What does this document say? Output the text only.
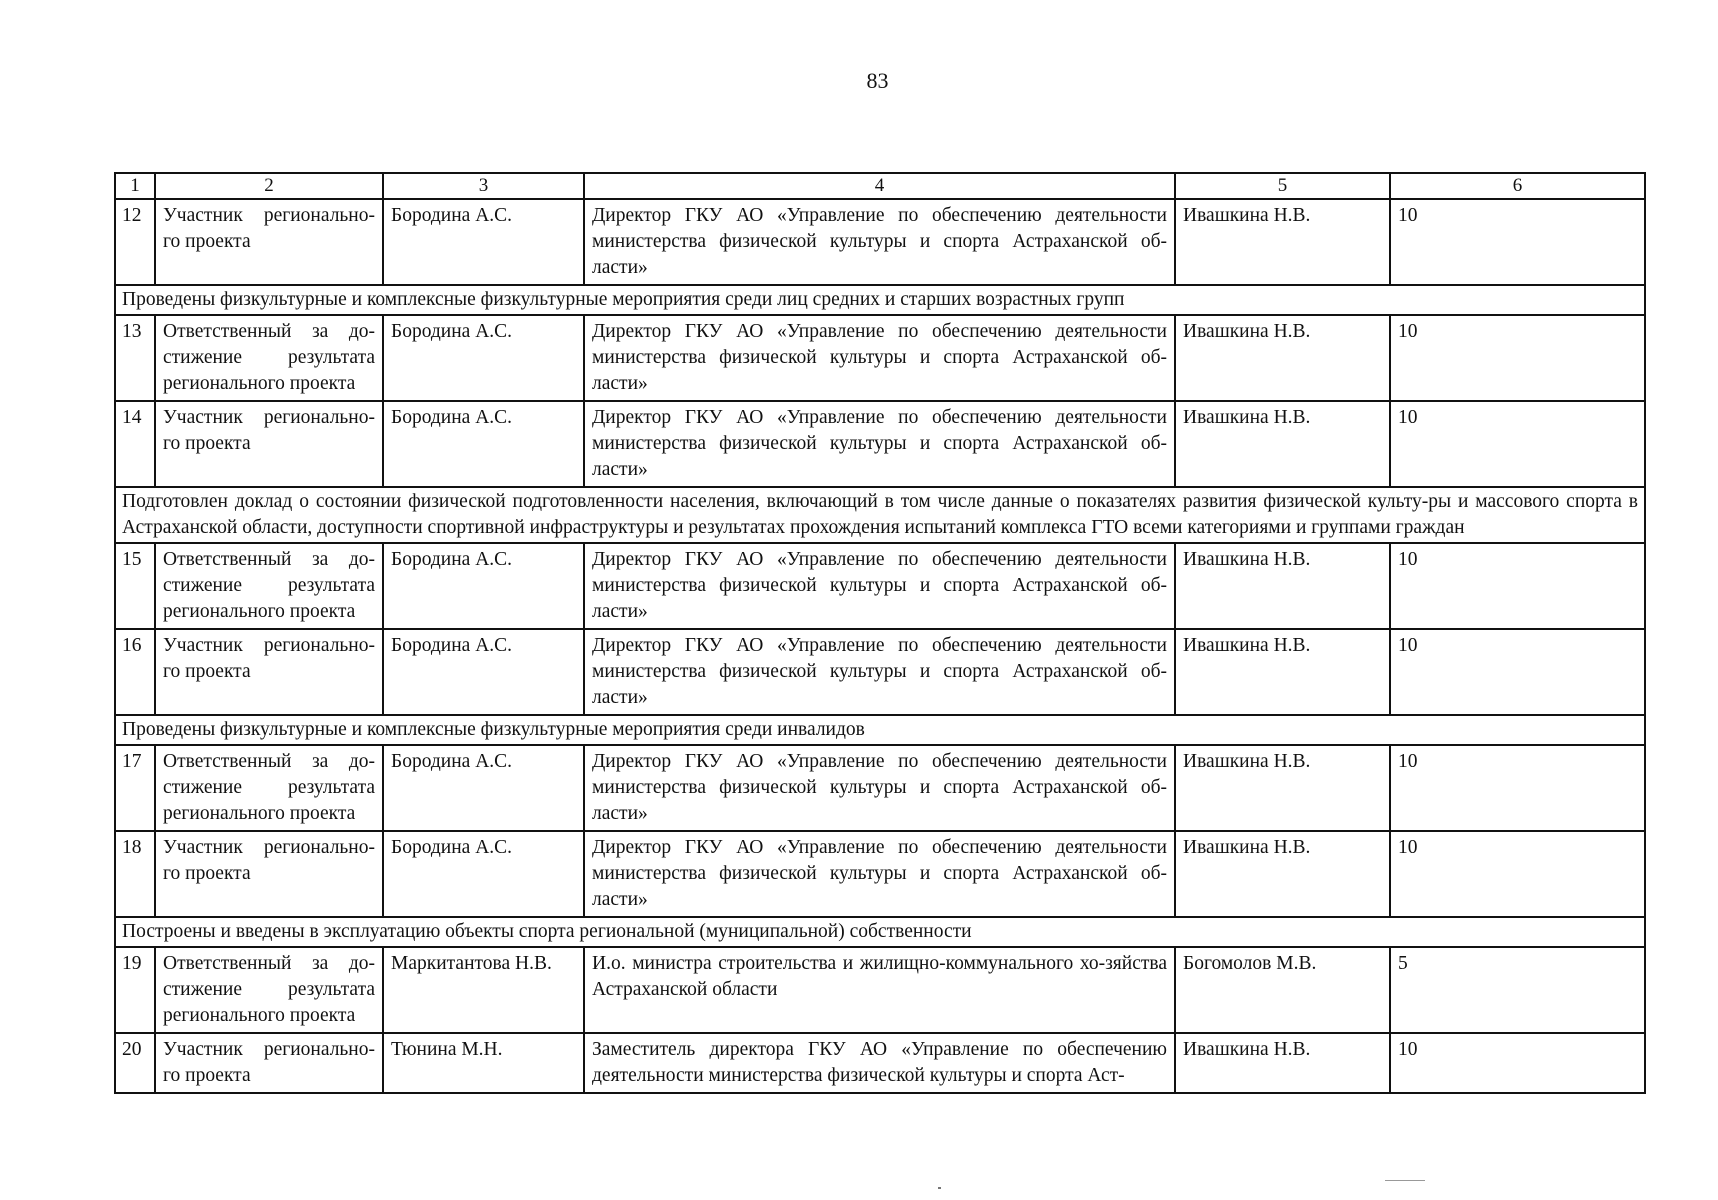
83
1	2	3	4	5	6
12	Участник регионально-го проекта	Бородина А.С.	Директор ГКУ АО «Управление по обеспечению деятельности министерства физической культуры и спорта Астраханской об-ласти»	Ивашкина Н.В.	10
Проведены физкультурные и комплексные физкультурные мероприятия среди лиц средних и старших возрастных групп					
13	Ответственный за до-стижение результата регионального проекта	Бородина А.С.	Директор ГКУ АО «Управление по обеспечению деятельности министерства физической культуры и спорта Астраханской об-ласти»	Ивашкина Н.В.	10
14	Участник регионально-го проекта	Бородина А.С.	Директор ГКУ АО «Управление по обеспечению деятельности министерства физической культуры и спорта Астраханской об-ласти»	Ивашкина Н.В.	10
Подготовлен доклад о состоянии физической подготовленности населения, включающий в том числе данные о показателях развития физической культу-ры и массового спорта в Астраханской области, доступности спортивной инфраструктуры и результатах прохождения испытаний комплекса ГТО всеми категориями и группами граждан					
15	Ответственный за до-стижение результата регионального проекта	Бородина А.С.	Директор ГКУ АО «Управление по обеспечению деятельности министерства физической культуры и спорта Астраханской об-ласти»	Ивашкина Н.В.	10
16	Участник регионально-го проекта	Бородина А.С.	Директор ГКУ АО «Управление по обеспечению деятельности министерства физической культуры и спорта Астраханской об-ласти»	Ивашкина Н.В.	10
Проведены физкультурные и комплексные физкультурные мероприятия среди инвалидов					
17	Ответственный за до-стижение результата регионального проекта	Бородина А.С.	Директор ГКУ АО «Управление по обеспечению деятельности министерства физической культуры и спорта Астраханской об-ласти»	Ивашкина Н.В.	10
18	Участник регионально-го проекта	Бородина А.С.	Директор ГКУ АО «Управление по обеспечению деятельности министерства физической культуры и спорта Астраханской об-ласти»	Ивашкина Н.В.	10
Построены и введены в эксплуатацию объекты спорта региональной (муниципальной) собственности					
19	Ответственный за до-стижение результата регионального проекта	Маркитантова Н.В.	И.о. министра строительства и жилищно-коммунального хо-зяйства Астраханской области	Богомолов М.В.	5
20	Участник регионально-го проекта	Тюнина М.Н.	Заместитель директора ГКУ АО «Управление по обеспечению деятельности министерства физической культуры и спорта Аст-	Ивашкина Н.В.	10
